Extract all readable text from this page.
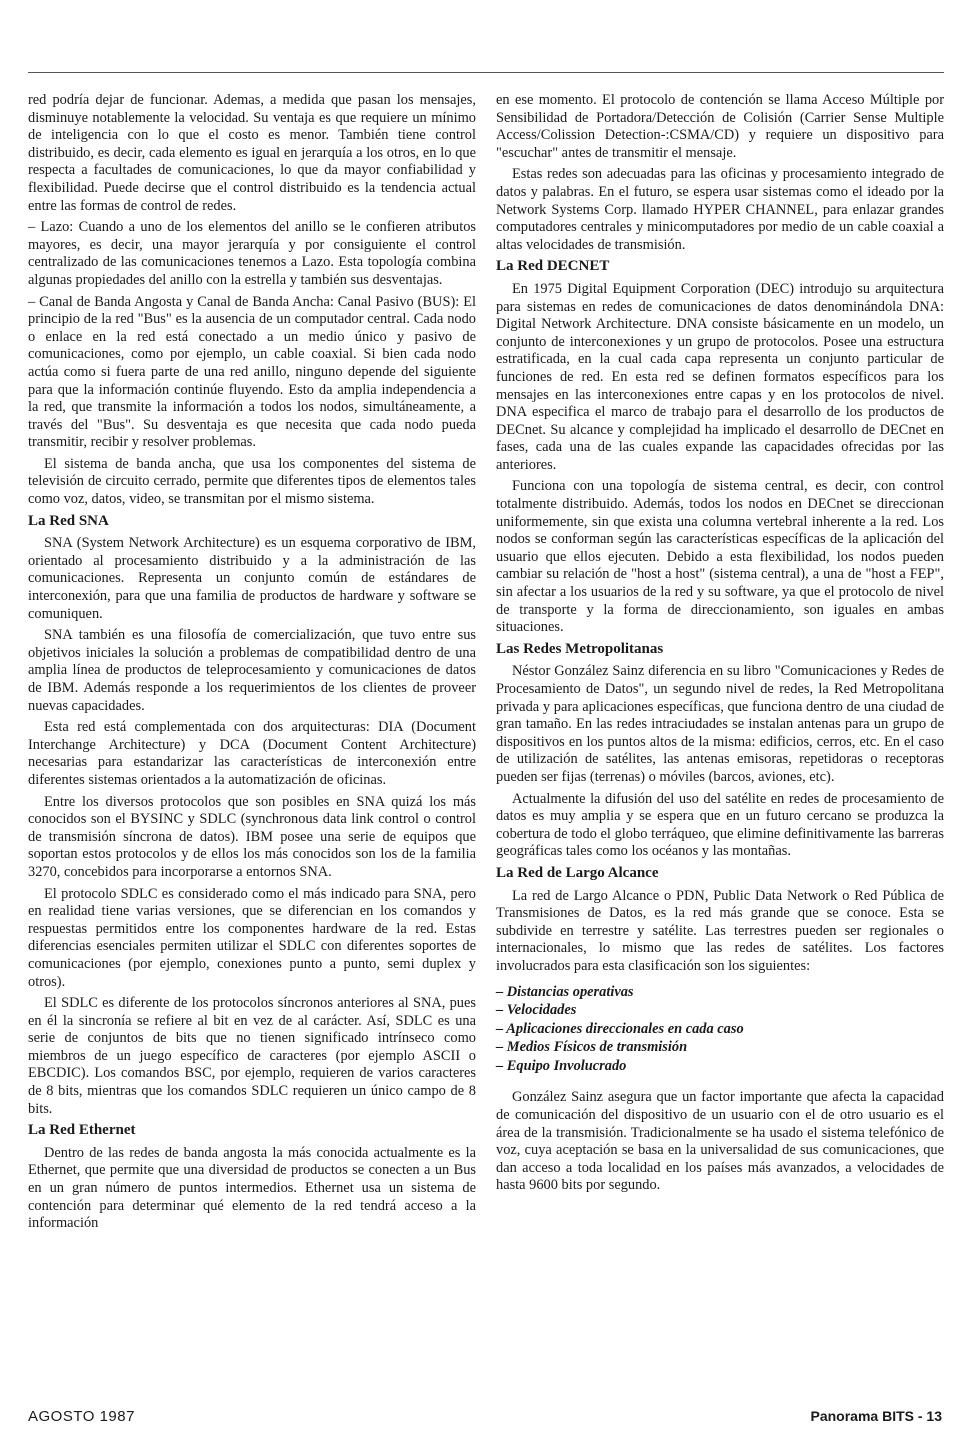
red podría dejar de funcionar. Ademas, a medida que pasan los mensajes, disminuye notablemente la velocidad. Su ventaja es que requiere un mínimo de inteligencia con lo que el costo es menor. También tiene control distribuido, es decir, cada elemento es igual en jerarquía a los otros, en lo que respecta a facultades de comunicaciones, lo que da mayor confiabilidad y flexibilidad. Puede decirse que el control distribuido es la tendencia actual entre las formas de control de redes.

– Lazo: Cuando a uno de los elementos del anillo se le confieren atributos mayores, es decir, una mayor jerarquía y por consiguiente el control centralizado de las comunicaciones tenemos a Lazo. Esta topología combina algunas propiedades del anillo con la estrella y también sus desventajas.

– Canal de Banda Angosta y Canal de Banda Ancha: Canal Pasivo (BUS): El principio de la red "Bus" es la ausencia de un computador central. Cada nodo o enlace en la red está conectado a un medio único y pasivo de comunicaciones, como por ejemplo, un cable coaxial. Si bien cada nodo actúa como si fuera parte de una red anillo, ninguno depende del siguiente para que la información continúe fluyendo. Esto da amplia independencia a la red, que transmite la información a todos los nodos, simultáneamente, a través del "Bus". Su desventaja es que necesita que cada nodo pueda transmitir, recibir y resolver problemas.

El sistema de banda ancha, que usa los componentes del sistema de televisión de circuito cerrado, permite que diferentes tipos de elementos tales como voz, datos, video, se transmitan por el mismo sistema.

La Red SNA

SNA (System Network Architecture) es un esquema corporativo de IBM, orientado al procesamiento distribuido y a la administración de las comunicaciones. Representa un conjunto común de estándares de interconexión, para que una familia de productos de hardware y software se comuniquen.

SNA también es una filosofía de comercialización, que tuvo entre sus objetivos iniciales la solución a problemas de compatibilidad dentro de una amplia línea de productos de teleprocesamiento y comunicaciones de datos de IBM. Además responde a los requerimientos de los clientes de proveer nuevas capacidades.

Esta red está complementada con dos arquitecturas: DIA (Document Interchange Architecture) y DCA (Document Content Architecture) necesarias para estandarizar las características de interconexión entre diferentes sistemas orientados a la automatización de oficinas.

Entre los diversos protocolos que son posibles en SNA quizá los más conocidos son el BYSINC y SDLC (synchronous data link control o control de transmisión síncrona de datos). IBM posee una serie de equipos que soportan estos protocolos y de ellos los más conocidos son los de la familia 3270, concebidos para incorporarse a entornos SNA.

El protocolo SDLC es considerado como el más indicado para SNA, pero en realidad tiene varias versiones, que se diferencian en los comandos y respuestas permitidos entre los componentes hardware de la red. Estas diferencias esenciales permiten utilizar el SDLC con diferentes soportes de comunicaciones (por ejemplo, conexiones punto a punto, semi duplex y otros).

El SDLC es diferente de los protocolos síncronos anteriores al SNA, pues en él la sincronía se refiere al bit en vez de al carácter. Así, SDLC es una serie de conjuntos de bits que no tienen significado intrínseco como miembros de un juego específico de caracteres (por ejemplo ASCII o EBCDIC). Los comandos BSC, por ejemplo, requieren de varios caracteres de 8 bits, mientras que los comandos SDLC requieren un único campo de 8 bits.

La Red Ethernet

Dentro de las redes de banda angosta la más conocida actualmente es la Ethernet, que permite que una diversidad de productos se conecten a un Bus en un gran número de puntos intermedios. Ethernet usa un sistema de contención para determinar qué elemento de la red tendrá acceso a la información

en ese momento. El protocolo de contención se llama Acceso Múltiple por Sensibilidad de Portadora/Detección de Colisión (Carrier Sense Multiple Access/Colission Detection-:CSMA/CD) y requiere un dispositivo para "escuchar" antes de transmitir el mensaje.

Estas redes son adecuadas para las oficinas y procesamiento integrado de datos y palabras. En el futuro, se espera usar sistemas como el ideado por la Network Systems Corp. llamado HYPER CHANNEL, para enlazar grandes computadores centrales y minicomputadores por medio de un cable coaxial a altas velocidades de transmisión.

La Red DECNET

En 1975 Digital Equipment Corporation (DEC) introdujo su arquitectura para sistemas en redes de comunicaciones de datos denominándola DNA: Digital Network Architecture. DNA consiste básicamente en un modelo, un conjunto de interconexiones y un grupo de protocolos. Posee una estructura estratificada, en la cual cada capa representa un conjunto particular de funciones de red. En esta red se definen formatos específicos para los mensajes en las interconexiones entre capas y en los protocolos de nivel. DNA especifica el marco de trabajo para el desarrollo de los productos de DECnet. Su alcance y complejidad ha implicado el desarrollo de DECnet en fases, cada una de las cuales expande las capacidades ofrecidas por las anteriores.

Funciona con una topología de sistema central, es decir, con control totalmente distribuido. Además, todos los nodos en DECnet se direccionan uniformemente, sin que exista una columna vertebral inherente a la red. Los nodos se conforman según las características específicas de la aplicación del usuario que ellos ejecuten. Debido a esta flexibilidad, los nodos pueden cambiar su relación de "host a host" (sistema central), a una de "host a FEP", sin afectar a los usuarios de la red y su software, ya que el protocolo de nivel de transporte y la forma de direccionamiento, son iguales en ambas situaciones.

Las Redes Metropolitanas

Néstor González Sainz diferencia en su libro "Comunicaciones y Redes de Procesamiento de Datos", un segundo nivel de redes, la Red Metropolitana privada y para aplicaciones específicas, que funciona dentro de una ciudad de gran tamaño. En las redes intraciudades se instalan antenas para un grupo de dispositivos en los puntos altos de la misma: edificios, cerros, etc. En el caso de utilización de satélites, las antenas emisoras, repetidoras o receptoras pueden ser fijas (terrenas) o móviles (barcos, aviones, etc).

Actualmente la difusión del uso del satélite en redes de procesamiento de datos es muy amplia y se espera que en un futuro cercano se produzca la cobertura de todo el globo terráqueo, que elimine definitivamente las barreras geográficas tales como los océanos y las montañas.

La Red de Largo Alcance

La red de Largo Alcance o PDN, Public Data Network o Red Pública de Transmisiones de Datos, es la red más grande que se conoce. Esta se subdivide en terrestre y satélite. Las terrestres pueden ser regionales o internacionales, lo mismo que las redes de satélites. Los factores involucrados para esta clasificación son los siguientes:

– Distancias operativas
– Velocidades
– Aplicaciones direccionales en cada caso
– Medios Físicos de transmisión
– Equipo Involucrado

González Sainz asegura que un factor importante que afecta la capacidad de comunicación del dispositivo de un usuario con el de otro usuario es el área de la transmisión. Tradicionalmente se ha usado el sistema telefónico de voz, cuya aceptación se basa en la universalidad de sus comunicaciones, que dan acceso a toda localidad en los países más avanzados, a velocidades de hasta 9600 bits por segundo.

AGOSTO 1987	Panorama BITS - 13
